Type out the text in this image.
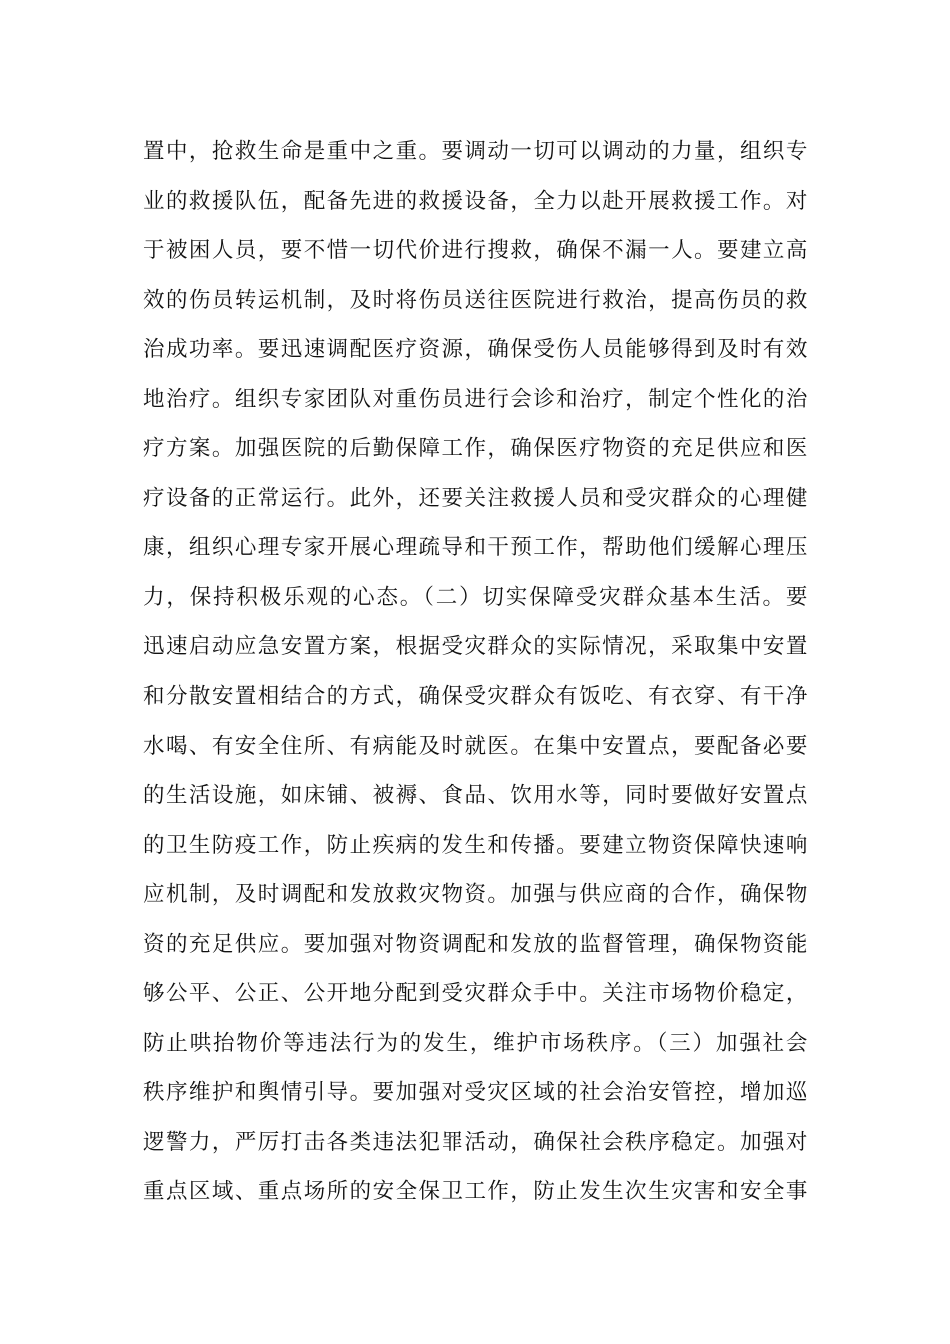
置中，抢救生命是重中之重。要调动一切可以调动的力量，组织专
业的救援队伍，配备先进的救援设备，全力以赴开展救援工作。对
于被困人员，要不惜一切代价进行搜救，确保不漏一人。要建立高
效的伤员转运机制，及时将伤员送往医院进行救治，提高伤员的救
治成功率。要迅速调配医疗资源，确保受伤人员能够得到及时有效
地治疗。组织专家团队对重伤员进行会诊和治疗，制定个性化的治
疗方案。加强医院的后勤保障工作，确保医疗物资的充足供应和医
疗设备的正常运行。此外，还要关注救援人员和受灾群众的心理健
康，组织心理专家开展心理疏导和干预工作，帮助他们缓解心理压
力，保持积极乐观的心态。（二）切实保障受灾群众基本生活。要
迅速启动应急安置方案，根据受灾群众的实际情况，采取集中安置
和分散安置相结合的方式，确保受灾群众有饭吃、有衣穿、有干净
水喝、有安全住所、有病能及时就医。在集中安置点，要配备必要
的生活设施，如床铺、被褥、食品、饮用水等，同时要做好安置点
的卫生防疫工作，防止疾病的发生和传播。要建立物资保障快速响
应机制，及时调配和发放救灾物资。加强与供应商的合作，确保物
资的充足供应。要加强对物资调配和发放的监督管理，确保物资能
够公平、公正、公开地分配到受灾群众手中。关注市场物价稳定，
防止哄抬物价等违法行为的发生，维护市场秩序。（三）加强社会
秩序维护和舆情引导。要加强对受灾区域的社会治安管控，增加巡
逻警力，严厉打击各类违法犯罪活动，确保社会秩序稳定。加强对
重点区域、重点场所的安全保卫工作，防止发生次生灾害和安全事
